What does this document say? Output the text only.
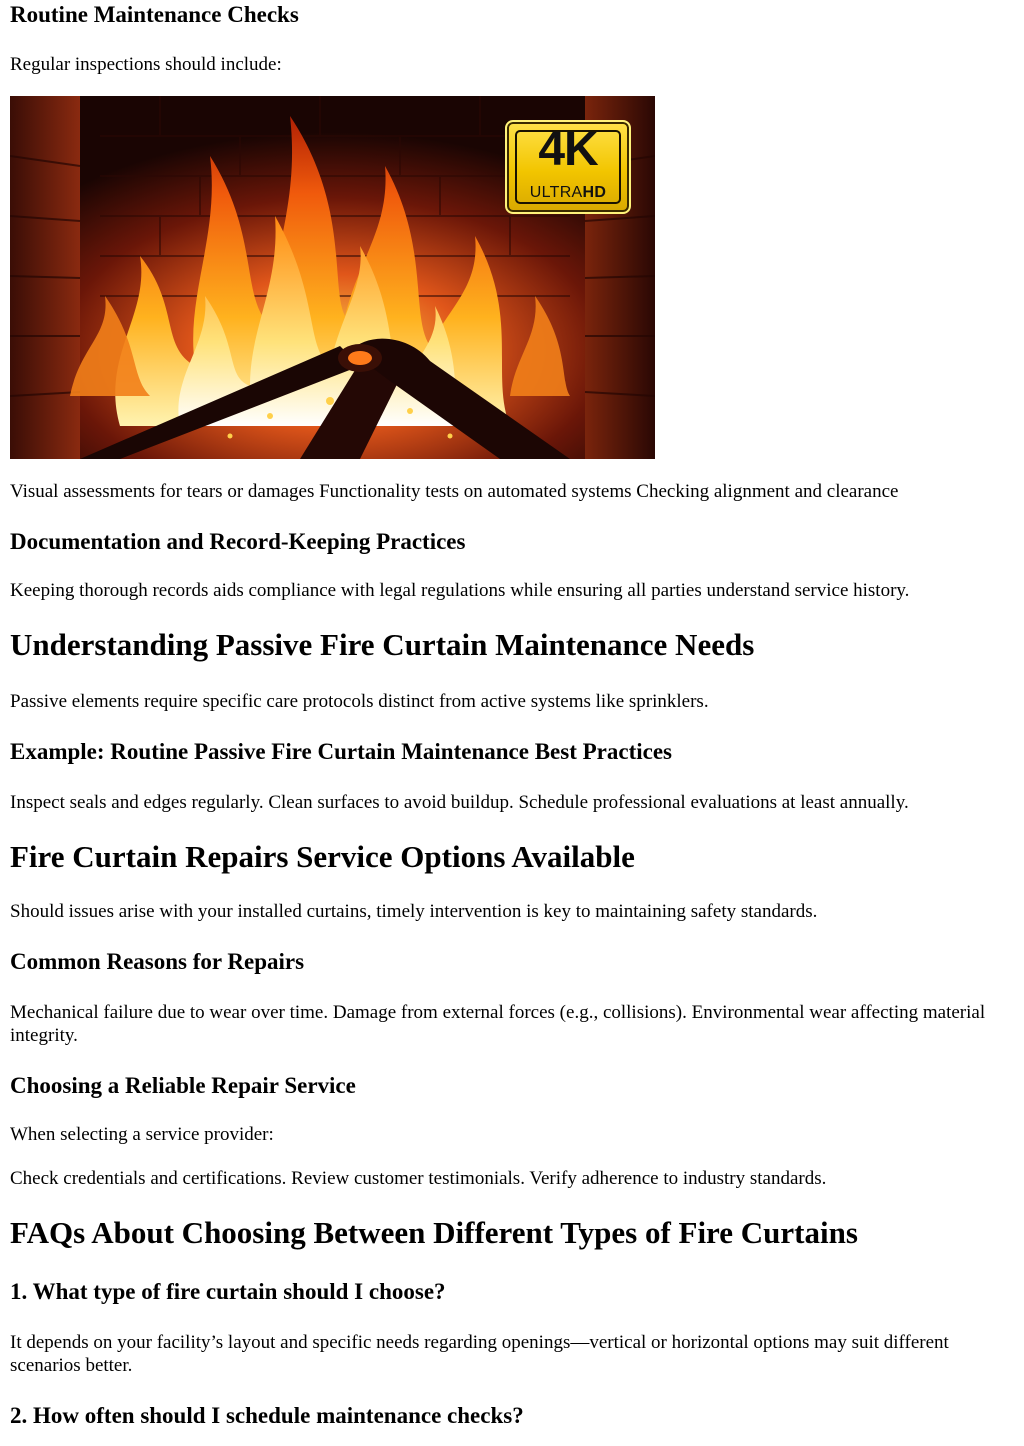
Routine Maintenance Checks

Regular inspections should include:

4K
ULTRAHD

Visual assessments for tears or damages Functionality tests on automated systems Checking alignment and clearance

Documentation and Record-Keeping Practices

Keeping thorough records aids compliance with legal regulations while ensuring all parties understand service history.

Understanding Passive Fire Curtain Maintenance Needs

Passive elements require specific care protocols distinct from active systems like sprinklers.

Example: Routine Passive Fire Curtain Maintenance Best Practices

Inspect seals and edges regularly. Clean surfaces to avoid buildup. Schedule professional evaluations at least annually.

Fire Curtain Repairs Service Options Available

Should issues arise with your installed curtains, timely intervention is key to maintaining safety standards.

Common Reasons for Repairs

Mechanical failure due to wear over time. Damage from external forces (e.g., collisions). Environmental wear affecting material integrity.

Choosing a Reliable Repair Service

When selecting a service provider:

Check credentials and certifications. Review customer testimonials. Verify adherence to industry standards.

FAQs About Choosing Between Different Types of Fire Curtains
1. What type of fire curtain should I choose?

It depends on your facility’s layout and specific needs regarding openings—vertical or horizontal options may suit different scenarios better.

2. How often should I schedule maintenance checks?
